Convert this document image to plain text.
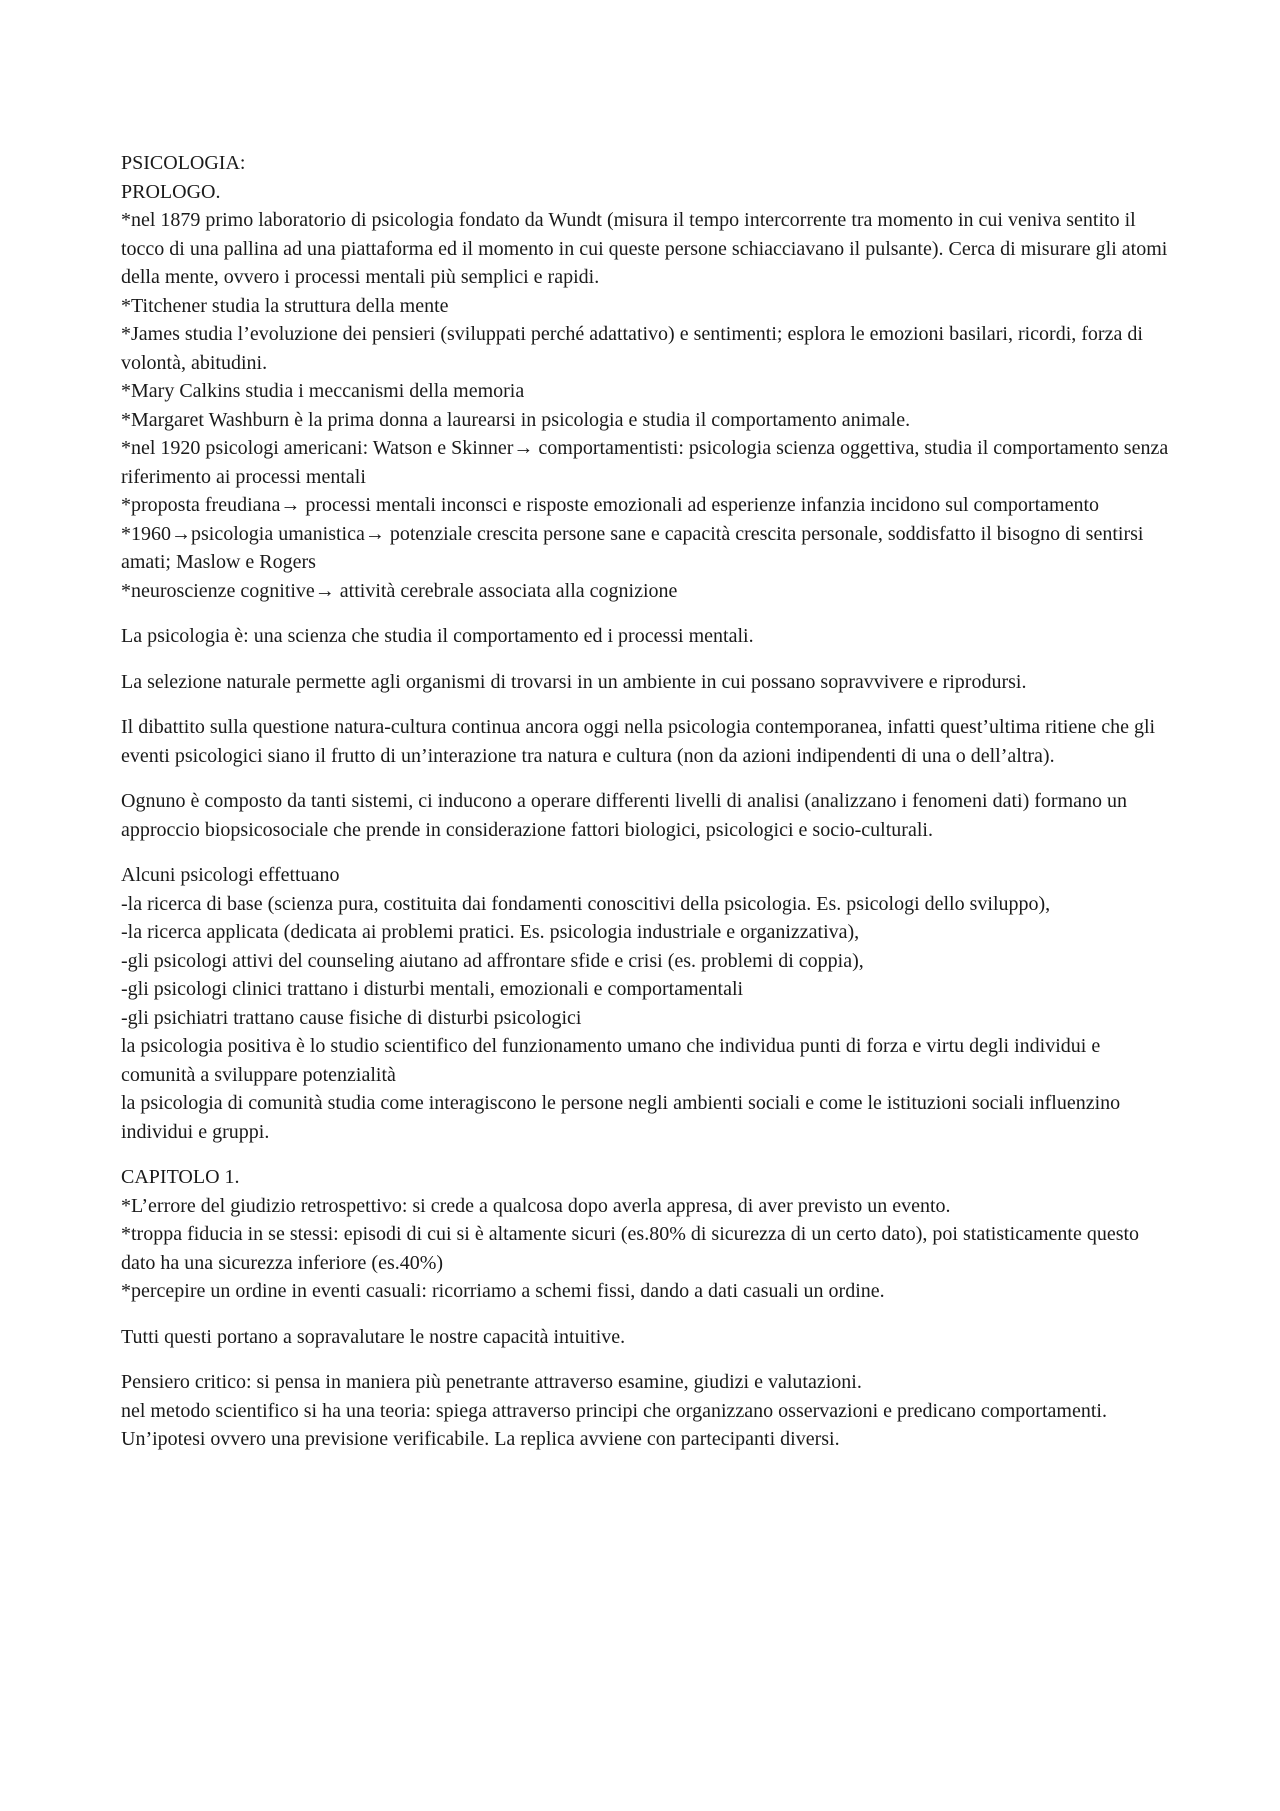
PSICOLOGIA:
PROLOGO.
*nel 1879 primo laboratorio di psicologia fondato da Wundt (misura il tempo intercorrente tra momento in cui veniva sentito il tocco di una pallina ad una piattaforma ed il momento in cui queste persone schiacciavano il pulsante). Cerca di misurare gli atomi della mente, ovvero i processi mentali più semplici e rapidi.
*Titchener studia la struttura della mente
*James studia l’evoluzione dei pensieri (sviluppati perché adattativo) e sentimenti; esplora le emozioni basilari, ricordi, forza di volontà, abitudini.
*Mary Calkins studia i meccanismi della memoria
*Margaret Washburn è la prima donna a laurearsi in psicologia e studia il comportamento animale.
*nel 1920 psicologi americani: Watson e Skinner→ comportamentisti: psicologia scienza oggettiva, studia il comportamento senza riferimento ai processi mentali
*proposta freudiana→ processi mentali inconsci e risposte emozionali ad esperienze infanzia incidono sul comportamento
*1960→psicologia umanistica→ potenziale crescita persone sane e capacità crescita personale, soddisfatto il bisogno di sentirsi amati; Maslow e Rogers
*neuroscienze cognitive→ attività cerebrale associata alla cognizione
La psicologia è: una scienza che studia il comportamento ed i processi mentali.
La selezione naturale permette agli organismi di trovarsi in un ambiente in cui possano sopravvivere e riprodursi.
Il dibattito sulla questione natura-cultura continua ancora oggi nella psicologia contemporanea, infatti quest’ultima ritiene che gli eventi psicologici siano il frutto di un’interazione tra natura e cultura (non da azioni indipendenti di una o dell’altra).
Ognuno è composto da tanti sistemi, ci inducono a operare differenti livelli di analisi (analizzano i fenomeni dati) formano un approccio biopsicosociale che prende in considerazione fattori biologici, psicologici e socio-culturali.
Alcuni psicologi effettuano
-la ricerca di base (scienza pura, costituita dai fondamenti conoscitivi della psicologia. Es. psicologi dello sviluppo),
-la ricerca applicata (dedicata ai problemi pratici. Es. psicologia industriale e organizzativa),
-gli psicologi attivi del counseling aiutano ad affrontare sfide e crisi (es. problemi di coppia),
-gli psicologi clinici trattano i disturbi mentali, emozionali e comportamentali
-gli psichiatri trattano cause fisiche di disturbi psicologici
la psicologia positiva è lo studio scientifico del funzionamento umano che individua punti di forza e virtu degli individui e comunità a sviluppare potenzialità
la psicologia di comunità studia come interagiscono le persone negli ambienti sociali e come le istituzioni sociali influenzino individui e gruppi.
CAPITOLO 1.
*L’errore del giudizio retrospettivo: si crede a qualcosa dopo averla appresa, di aver previsto un evento.
*troppa fiducia in se stessi: episodi di cui si è altamente sicuri (es.80% di sicurezza di un certo dato), poi statisticamente questo dato ha una sicurezza inferiore (es.40%)
*percepire un ordine in eventi casuali: ricorriamo a schemi fissi, dando a dati casuali un ordine.
Tutti questi portano a sopravalutare le nostre capacità intuitive.
Pensiero critico: si pensa in maniera più penetrante attraverso esamine, giudizi e valutazioni.
nel metodo scientifico si ha una teoria: spiega attraverso principi che organizzano osservazioni e predicano comportamenti. Un’ipotesi ovvero una previsione verificabile. La replica avviene con partecipanti diversi.
